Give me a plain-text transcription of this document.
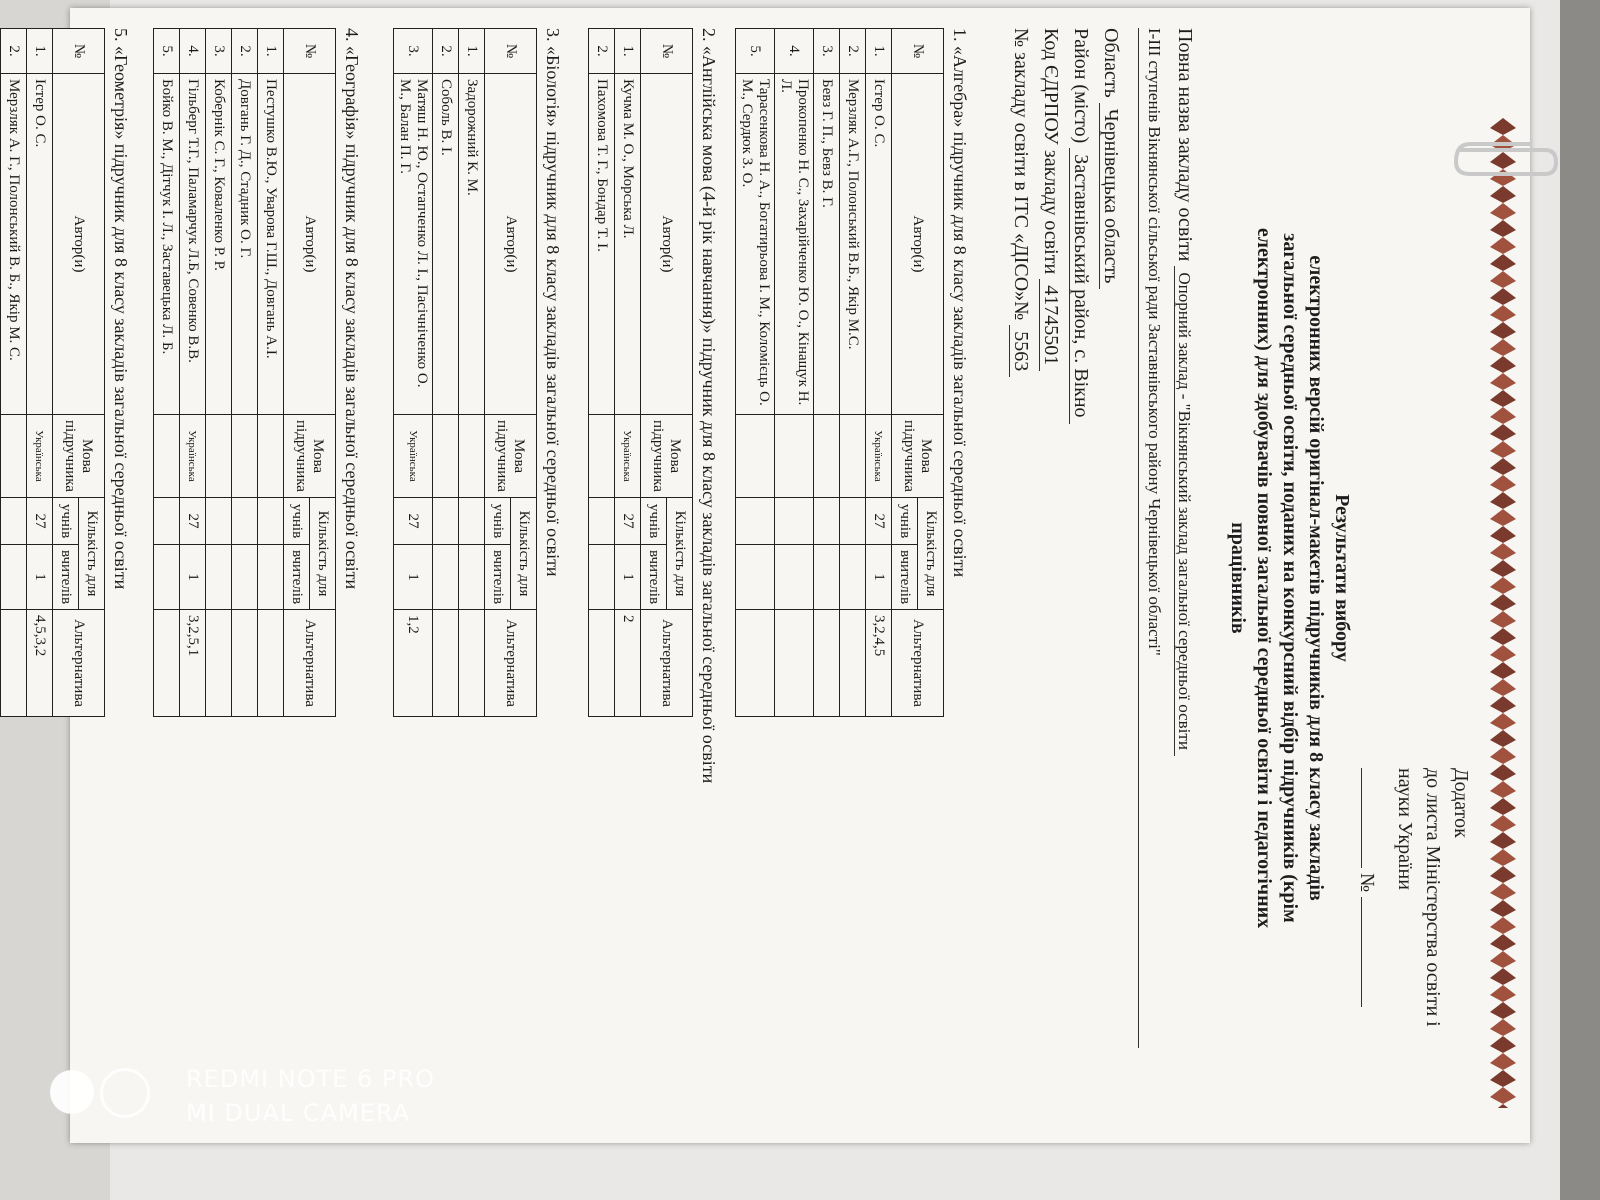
Додаток
до листа Міністерства освіти і
науки України
№
Результати вибору
електронних версій оригінал-макетів підручників для 8 класу закладів
загальної середньої освіти, поданих на конкурсний відбір підручників (крім
електронних) для здобувачів повної загальної середньої освіти і педагогічних
працівників
Повна назва закладу освіти Опорний заклад - "Вікнянський заклад загальної середньої освіти
I-III ступенів Вікнянської сільської ради Заставнівського району Чернівецької області"
Область Чернівецька область
Район (місто) Заставнівський район, с. Вікно
Код ЄДРПОУ закладу освіти 41745501
№ закладу освіти в ІТС «ДІСО»№ 5563
1. «Алгебра» підручник для 8 класу закладів загальної середньої освіти
№	Автор(и)	Мова підручника	Кількість для		Альтернатива
			учнів	вчителів	
1.	Істер О. С.	Українська	27	1	3,2,4,5
2.	Мерзляк А.Г., Полонський В.Б., Якір М.С.				
3.	Бевз Г. П., Бевз В. Г.				
4.	Прокопенко Н. С., Захарійченко Ю. О., Кінащук Н. Л.				
5.	Тарасенкова Н. А., Богатирьова І. М., Коломієць О. М., Сердюк З. О.				
2. «Англійська мова (4-й рік навчання)» підручник для 8 класу закладів загальної середньої освіти
№	Автор(и)	Мова підручника	Кількість для		Альтернатива
			учнів	вчителів	
1.	Кучма М. О., Морська Л.	Українська	27	1	2
2.	Пахомова Т. Г., Бондар Т. І.				
3. «Біологія» підручник для 8 класу закладів загальної середньої освіти
№	Автор(и)	Мова підручника	Кількість для		Альтернатива
			учнів	вчителів	
1.	Задорожний К. М.				
2.	Соболь В. І.				
3.	Матяш Н. Ю., Остапченко Л. І., Пасічніченко О. М., Балан П. Г.	Українська	27	1	1,2
4. «Географія» підручник для 8 класу закладів загальної середньої освіти
№	Автор(и)	Мова підручника	Кількість для		Альтернатива
			учнів	вчителів	
1.	Пестушко В.Ю., Уварова Г.Ш., Довгань А.І.				
2.	Довгань Г. Д., Стадник О. Г.				
3.	Кобернік С. Г., Коваленко Р. Р.				
4.	Гільберг Т.Г., Паламарчук Л.Б, Совенко В.В.	Українська	27	1	3,2,5,1
5.	Бойко В. М., Дітчук І. Л., Заставецька Л. Б.				
5. «Геометрія» підручник для 8 класу закладів загальної середньої освіти
№	Автор(и)	Мова підручника	Кількість для		Альтернатива
			учнів	вчителів	
1.	Істер О. С.	Українська	27	1	4,5,3,2
2.	Мерзляк А. Г., Полонський В. Б., Якір М. С.				

REDMI NOTE 6 PRO
MI DUAL CAMERA
